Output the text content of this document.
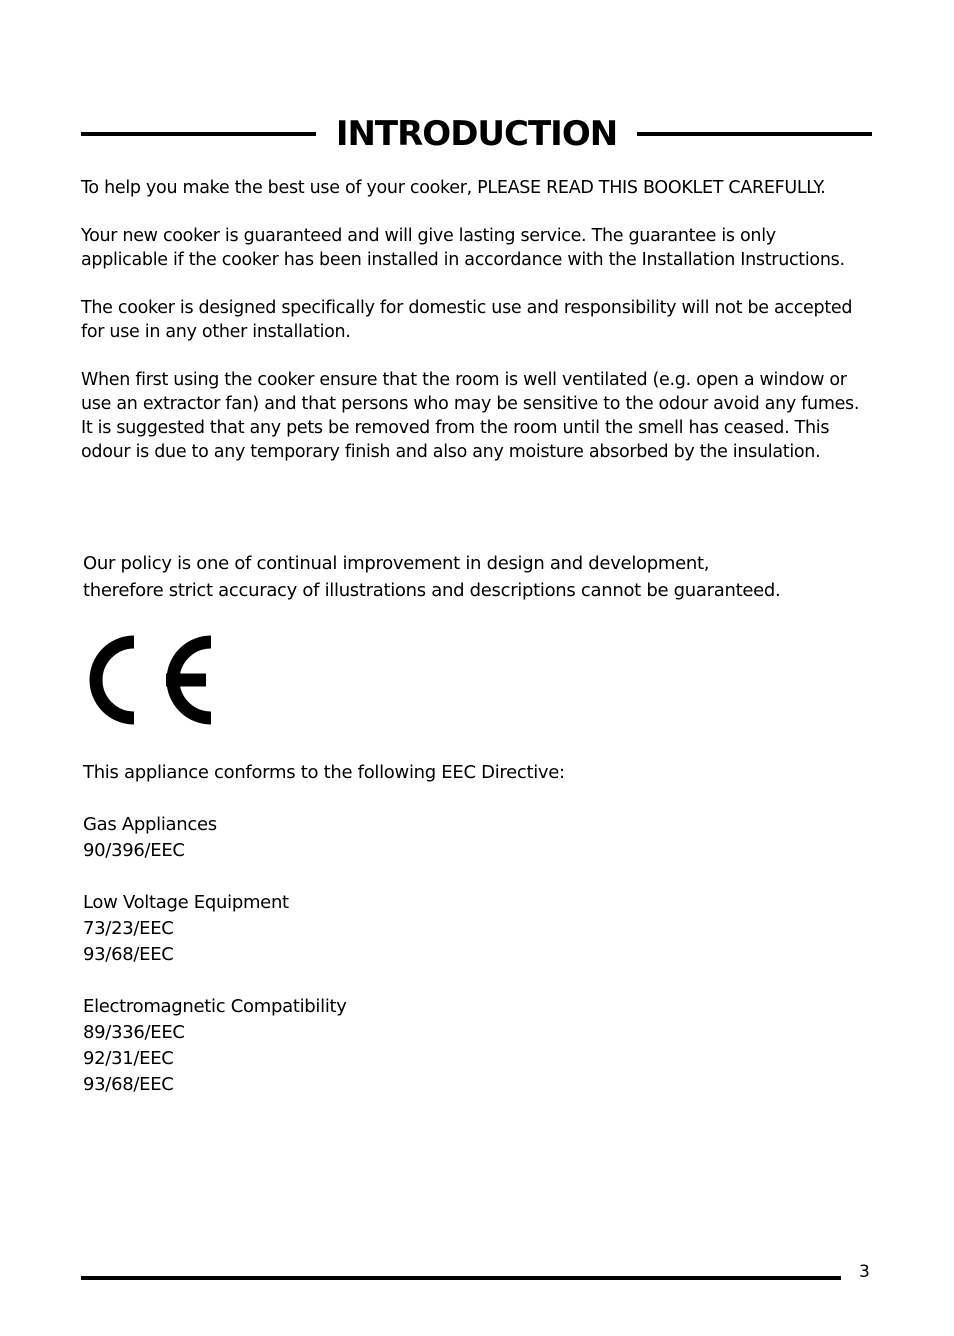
INTRODUCTION

To help you make the best use of your cooker, PLEASE READ THIS BOOKLET CAREFULLY.

Your new cooker is guaranteed and will give lasting service. The guarantee is only applicable if the cooker has been installed in accordance with the Installation Instructions.

The cooker is designed specifically for domestic use and responsibility will not be accepted for use in any other installation.

When first using the cooker ensure that the room is well ventilated (e.g. open a window or use an extractor fan) and that persons who may be sensitive to the odour avoid any fumes. It is suggested that any pets be removed from the room until the smell has ceased. This odour is due to any temporary finish and also any moisture absorbed by the insulation.

Our policy is one of continual improvement in design and development, therefore strict accuracy of illustrations and descriptions cannot be guaranteed.

This appliance conforms to the following EEC Directive:

Gas Appliances
90/396/EEC
Low Voltage Equipment
73/23/EEC
93/68/EEC
Electromagnetic Compatibility
89/336/EEC
92/31/EEC
93/68/EEC
3
